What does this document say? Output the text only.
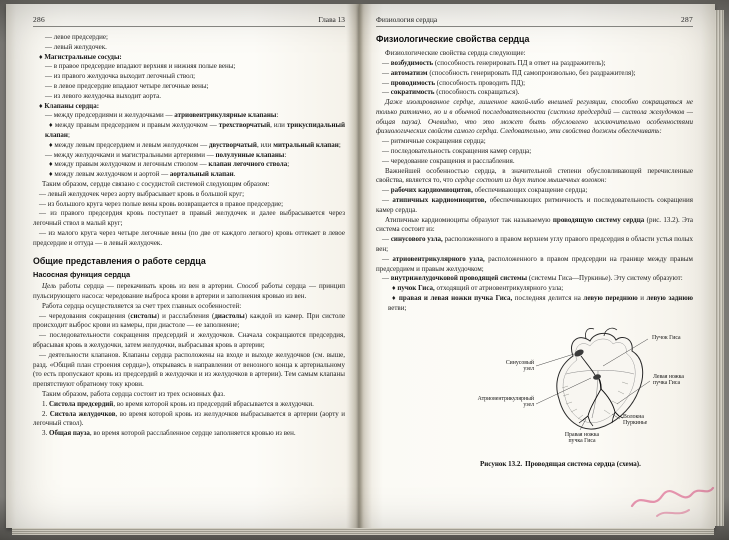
286	Глава 13
— левое предсердие;
— левый желудочек.
♦ Магистральные сосуды:
— в правое предсердие впадают верхняя и нижняя полые вены;
— из правого желудочка выходит легочный ствол;
— в левое предсердие впадают четыре легочные вены;
— из левого желудочка выходит аорта.
♦ Клапаны сердца:
— между предсердиями и желудочками — атриовентрикулярные клапаны:
♦ между правым предсердием и правым желудочком — трехстворчатый, или трикуспидальный клапан;
♦ между левым предсердием и левым желудочком — двустворчатый, или митральный клапан;
— между желудочками и магистральными артериями — полулунные клапаны:
♦ между правым желудочком и легочным стволом — клапан легочного ствола;
♦ между левым желудочком и аортой — аортальный клапан.
Таким образом, сердце связано с сосудистой системой следующим образом:
— левый желудочек через аорту выбрасывает кровь в большой круг;
— из большого круга через полые вены кровь возвращается в правое предсердие;
— из правого предсердия кровь поступает в правый желудочек и далее выбрасывается через легочный ствол в малый круг;
— из малого круга через четыре легочные вены (по две от каждого легкого) кровь оттекает в левое предсердие и оттуда — в левый желудочек.
Общие представления о работе сердца
Насосная функция сердца
Цель работы сердца — перекачивать кровь из вен в артерии. Способ работы сердца — принцип пульсирующего насоса: чередование выброса крови в артерии и заполнения кровью из вен.
Работа сердца осуществляется за счет трех главных особенностей:
— чередования сокращения (систолы) и расслабления (диастолы) каждой из камер. При систоле происходит выброс крови из камеры, при диастоле — ее заполнение;
— последовательности сокращения предсердий и желудочков. Сначала сокращаются предсердия, вбрасывая кровь в желудочки, затем желудочки, выбрасывая кровь в артерии;
— деятельности клапанов. Клапаны сердца расположены на входе и выходе желудочков (см. выше, разд. «Общий план строения сердца»), открываясь в направлении от венозного конца к артериальному (то есть пропускают кровь из предсердий в желудочки и из желудочков в артерии). Тем самым клапаны препятствуют обратному току крови.
Таким образом, работа сердца состоит из трех основных фаз.
1. Систола предсердий, во время которой кровь из предсердий вбрасывается в желудочки.
2. Систола желудочков, во время которой кровь из желудочков выбрасывается в артерии (аорту и легочный ствол).
3. Общая пауза, во время которой расслабленное сердце заполняется кровью из вен.
Физиология сердца	287
Физиологические свойства сердца
Физиологические свойства сердца следующие:
— возбудимость (способность генерировать ПД в ответ на раздражитель);
— автоматизм (способность генерировать ПД самопроизвольно, без раздражителя);
— проводимость (способность проводить ПД);
— сократимость (способность сокращаться).
Даже изолированное сердце, лишенное какой-либо внешней регуляции, способно сокращаться не только ритмично, но и в обычной последовательности (систола предсердий — систола желудочков — общая пауза). Очевидно, что это может быть обусловлено исключительно особенностями физиологических свойств самого сердца. Следовательно, эти свойства должны обеспечивать:
— ритмичные сокращения сердца;
— последовательность сокращения камер сердца;
— чередование сокращения и расслабления.
Важнейшей особенностью сердца, в значительной степени обусловливающей перечисленные свойства, является то, что сердце состоит из двух типов мышечных волокон:
— рабочих кардиомиоцитов, обеспечивающих сокращение сердца;
— атипичных кардиомиоцитов, обеспечивающих ритмичность и последовательность сокращения камер сердца.
Атипичные кардиомиоциты образуют так называемую проводящую систему сердца (рис. 13.2). Эта система состоит из:
— синусового узла, расположенного в правом верхнем углу правого предсердия в области устья полых вен;
— атриовентрикулярного узла, расположенного в правом предсердии на границе между правым предсердием и правым желудочком;
— внутрижелудочковой проводящей системы (системы Гиса—Пуркинье). Эту систему образуют:
♦ пучок Гиса, отходящий от атриовентрикулярного узла;
♦ правая и левая ножки пучка Гиса, последняя делится на левую переднюю и левую заднюю ветви;
Пучок Гиса
Синусовый узел
Левая ножка пучка Гиса
Атриовентрикулярный узел
Волокна Пуркинье
Правая ножка пучка Гиса
Рисунок 13.2. Проводящая система сердца (схема).
